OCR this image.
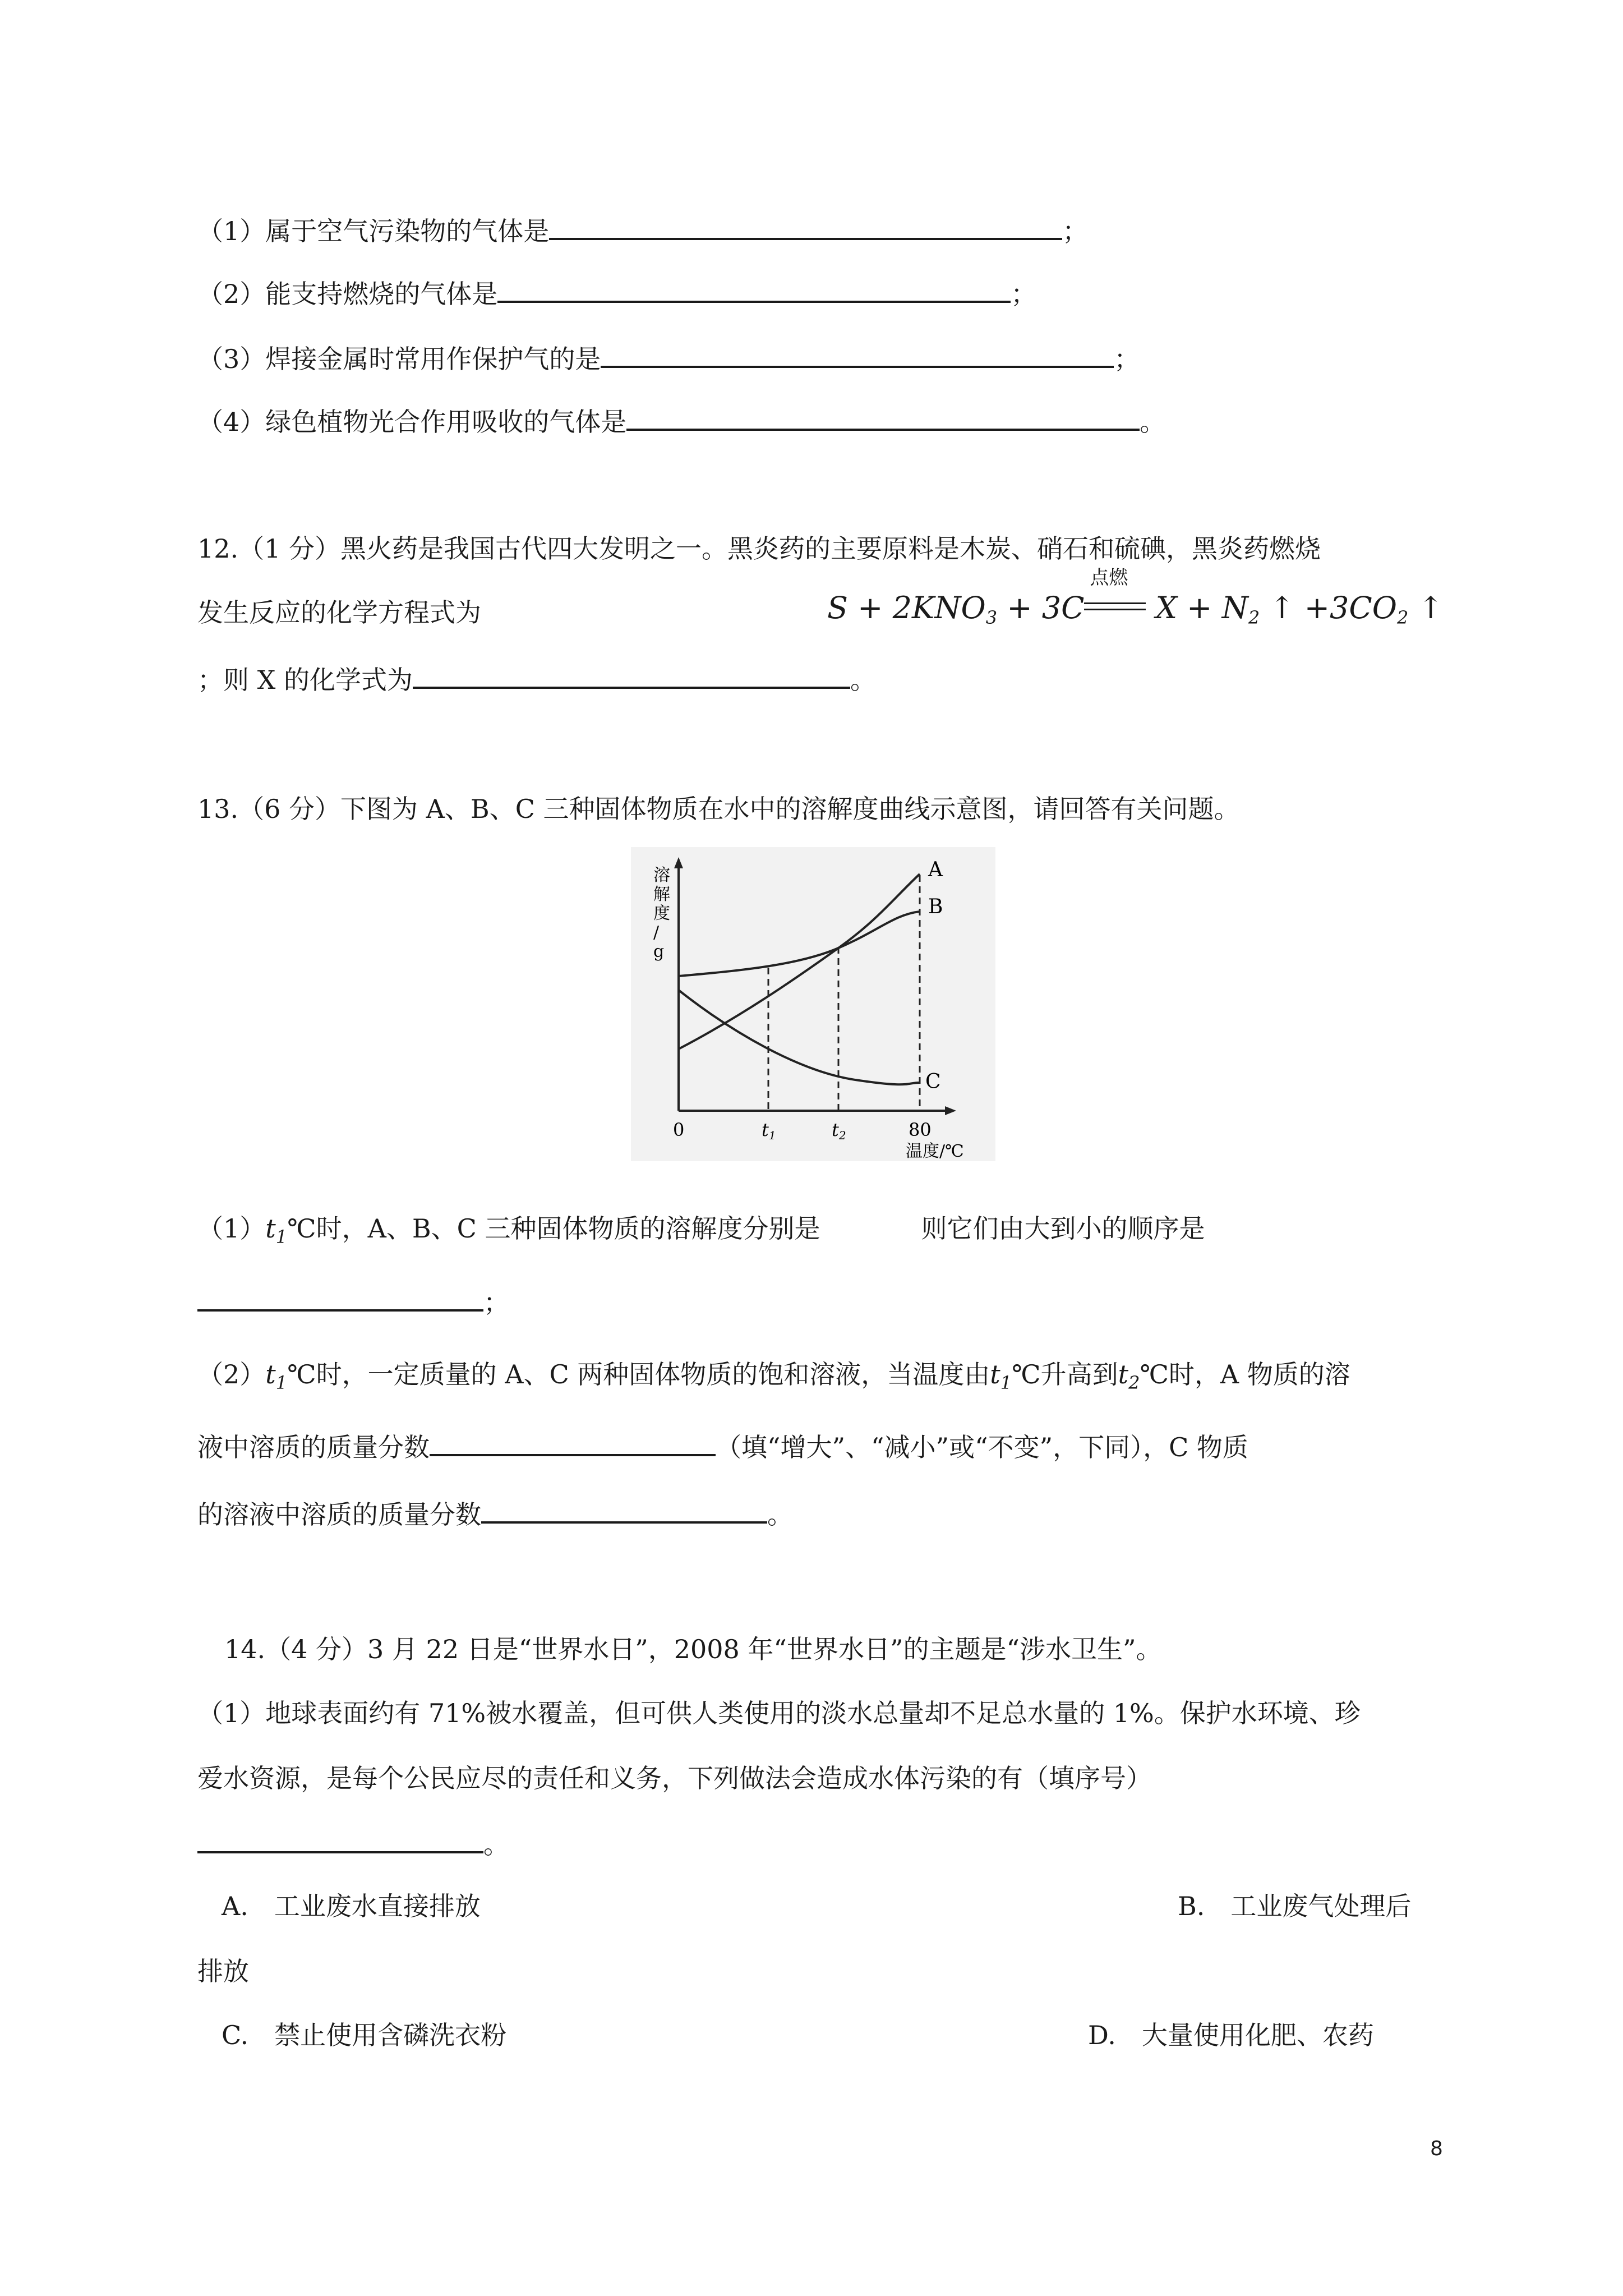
（1）属于空气污染物的气体是	；
（2）能支持燃烧的气体是	；
（3）焊接金属时常用作保护气的是	；
（4）绿色植物光合作用吸收的气体是	。
12.（1 分）黑火药是我国古代四大发明之一。黑炎药的主要原料是木炭、硝石和硫碘，黑炎药燃烧
发生反应的化学方程式为	$S + 2KNO_3 + 3C$
点燃
$X + N_2$ ↑ $+3CO_2$ ↑
；则 X 的化学式为	。
13.（6 分）下图为 A、B、C 三种固体物质在水中的溶解度曲线示意图，请回答有关问题。
溶解度/ g
A
B
C
0	t1	t2	80
温度/℃
$(1)t_1℃$时，A、B、C 三种固体物质的溶解度分别是	则它们由大到小的顺序是
；
$(2)t_1℃$时，一定质量的 A、C 两种固体物质的饱和溶液，当温度由$t_1℃$升高到$t_2℃$时，A 物质的溶
液中溶质的质量分数	（填“增大”、“减小”或“不变”，下同），C 物质
的溶液中溶质的质量分数	。
14.（4 分）3 月 22 日是“世界水日”，2008 年“世界水日”的主题是“涉水卫生”。
（1）地球表面约有 71%被水覆盖，但可供人类使用的淡水总量却不足总水量的 1%。保护水环境、珍
爱水资源，是每个公民应尽的责任和义务，下列做法会造成水体污染的有（填序号）
。
A.　工业废水直接排放	B.　工业废气处理后
排放
C.　禁止使用含磷洗衣粉	D.　大量使用化肥、农药
8
